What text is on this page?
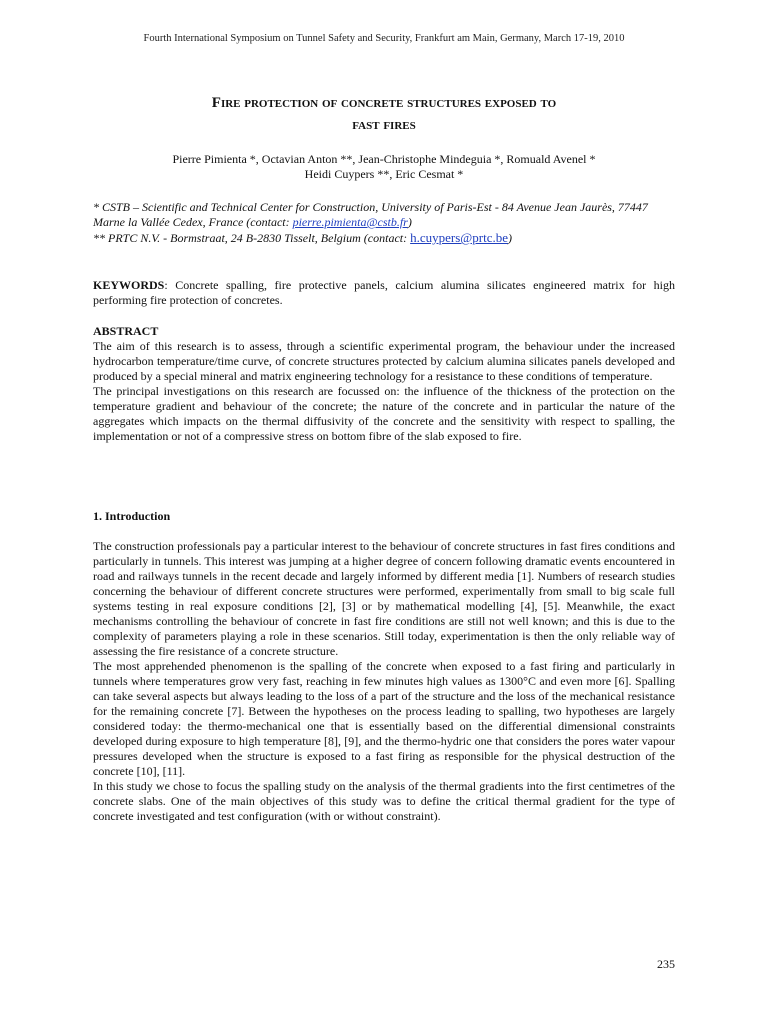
Fourth International Symposium on Tunnel Safety and Security, Frankfurt am Main, Germany, March 17-19, 2010
Fire protection of concrete structures exposed to
fast fires
Pierre Pimienta *, Octavian Anton **, Jean-Christophe Mindeguia *, Romuald Avenel *
Heidi Cuypers **, Eric Cesmat *
* CSTB – Scientific and Technical Center for Construction, University of Paris-Est - 84 Avenue Jean Jaurès, 77447 Marne la Vallée Cedex, France (contact: pierre.pimienta@cstb.fr)
** PRTC N.V. - Bormstraat, 24 B-2830 Tisselt, Belgium (contact: h.cuypers@prtc.be)
KEYWORDS: Concrete spalling, fire protective panels, calcium alumina silicates engineered matrix for high performing fire protection of concretes.
ABSTRACT

The aim of this research is to assess, through a scientific experimental program, the behaviour under the increased hydrocarbon temperature/time curve, of concrete structures protected by calcium alumina silicates panels developed and produced by a special mineral and matrix engineering technology for a resistance to these conditions of temperature.

The principal investigations on this research are focussed on: the influence of the thickness of the protection on the temperature gradient and behaviour of the concrete; the nature of the concrete and in particular the nature of the aggregates which impacts on the thermal diffusivity of the concrete and the sensitivity with respect to spalling, the implementation or not of a compressive stress on bottom fibre of the slab exposed to fire.

1. Introduction

The construction professionals pay a particular interest to the behaviour of concrete structures in fast fires conditions and particularly in tunnels. This interest was jumping at a higher degree of concern following dramatic events encountered in road and railways tunnels in the recent decade and largely informed by different media [1]. Numbers of research studies concerning the behaviour of different concrete structures were performed, experimentally from small to big scale full systems testing in real exposure conditions [2], [3] or by mathematical modelling [4], [5]. Meanwhile, the exact mechanisms controlling the behaviour of concrete in fast fire conditions are still not well known; and this is due to the complexity of parameters playing a role in these scenarios. Still today, experimentation is then the only reliable way of assessing the fire resistance of a concrete structure.

The most apprehended phenomenon is the spalling of the concrete when exposed to a fast firing and particularly in tunnels where temperatures grow very fast, reaching in few minutes high values as 1300°C and even more [6]. Spalling can take several aspects but always leading to the loss of a part of the structure and the loss of the mechanical resistance for the remaining concrete [7]. Between the hypotheses on the process leading to spalling, two hypotheses are largely considered today: the thermo-mechanical one that is essentially based on the differential dimensional constraints developed during exposure to high temperature [8], [9], and the thermo-hydric one that considers the pores water vapour pressures developed when the structure is exposed to a fast firing as responsible for the physical destruction of the concrete [10], [11].

In this study we chose to focus the spalling study on the analysis of the thermal gradients into the first centimetres of the concrete slabs. One of the main objectives of this study was to define the critical thermal gradient for the type of concrete investigated and test configuration (with or without constraint).

235
